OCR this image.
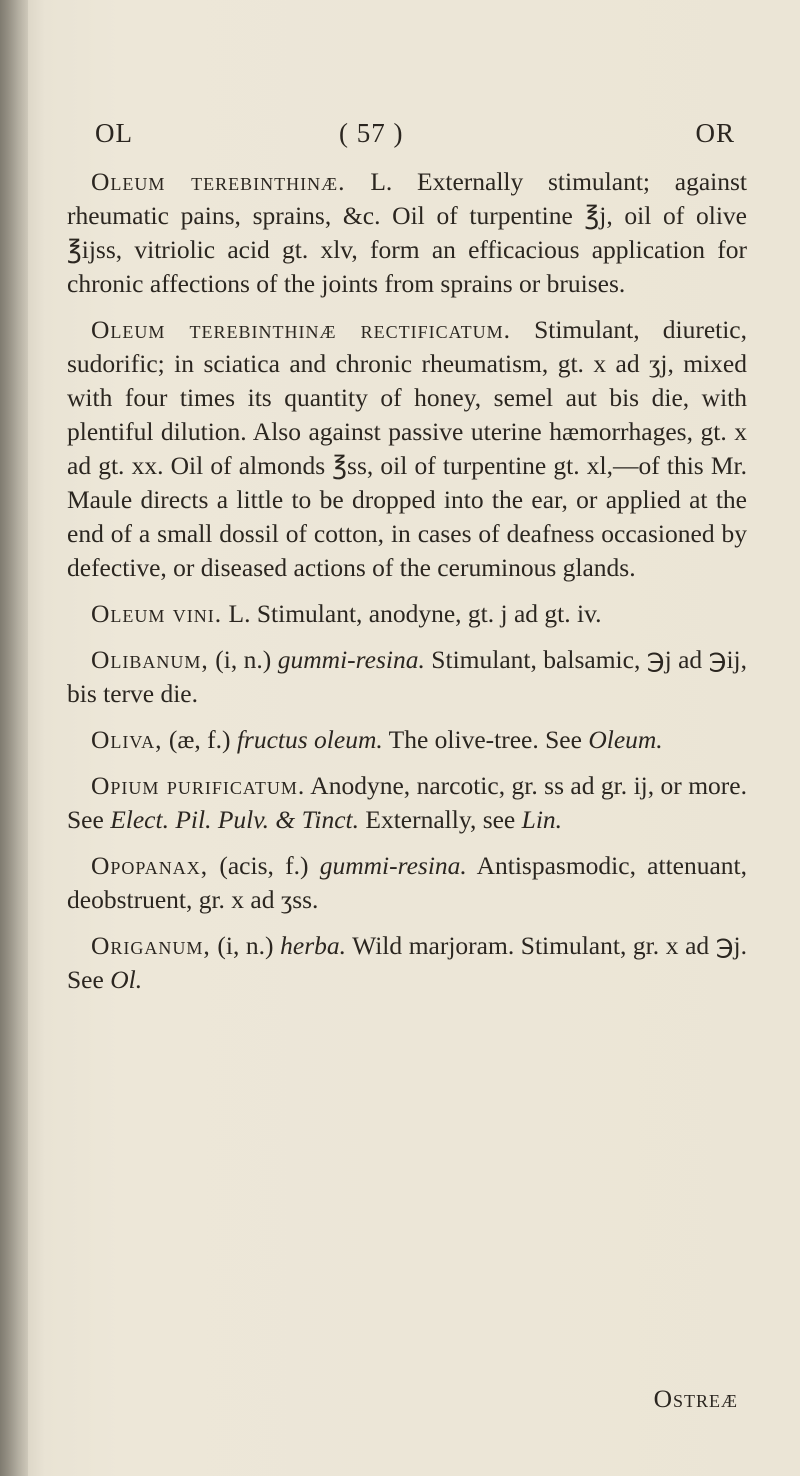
OL	( 57 )	OR

Oleum terebinthinæ. L. Externally stimulant; against rheumatic pains, sprains, &c. Oil of turpentine ℥j, oil of olive ℥ijss, vitriolic acid gt. xlv, form an efficacious application for chronic affections of the joints from sprains or bruises.

Oleum terebinthinæ rectificatum. Stimulant, diuretic, sudorific; in sciatica and chronic rheumatism, gt. x ad ʒj, mixed with four times its quantity of honey, semel aut bis die, with plentiful dilution. Also against passive uterine hæmorrhages, gt. x ad gt. xx. Oil of almonds ℥ss, oil of turpentine gt. xl,—of this Mr. Maule directs a little to be dropped into the ear, or applied at the end of a small dossil of cotton, in cases of deafness occasioned by defective, or diseased actions of the ceruminous glands.

Oleum vini. L. Stimulant, anodyne, gt. j ad gt. iv.

Olibanum, (i, n.) gummi-resina. Stimulant, balsamic, ℈j ad ℈ij, bis terve die.

Oliva, (æ, f.) fructus oleum. The olive-tree. See Oleum.

Opium purificatum. Anodyne, narcotic, gr. ss ad gr. ij, or more. See Elect. Pil. Pulv. & Tinct. Externally, see Lin.

Opopanax, (acis, f.) gummi-resina. Antispasmodic, attenuant, deobstruent, gr. x ad ʒss.

Origanum, (i, n.) herba. Wild marjoram. Stimulant, gr. x ad ℈j. See Ol.

Ostreæ
